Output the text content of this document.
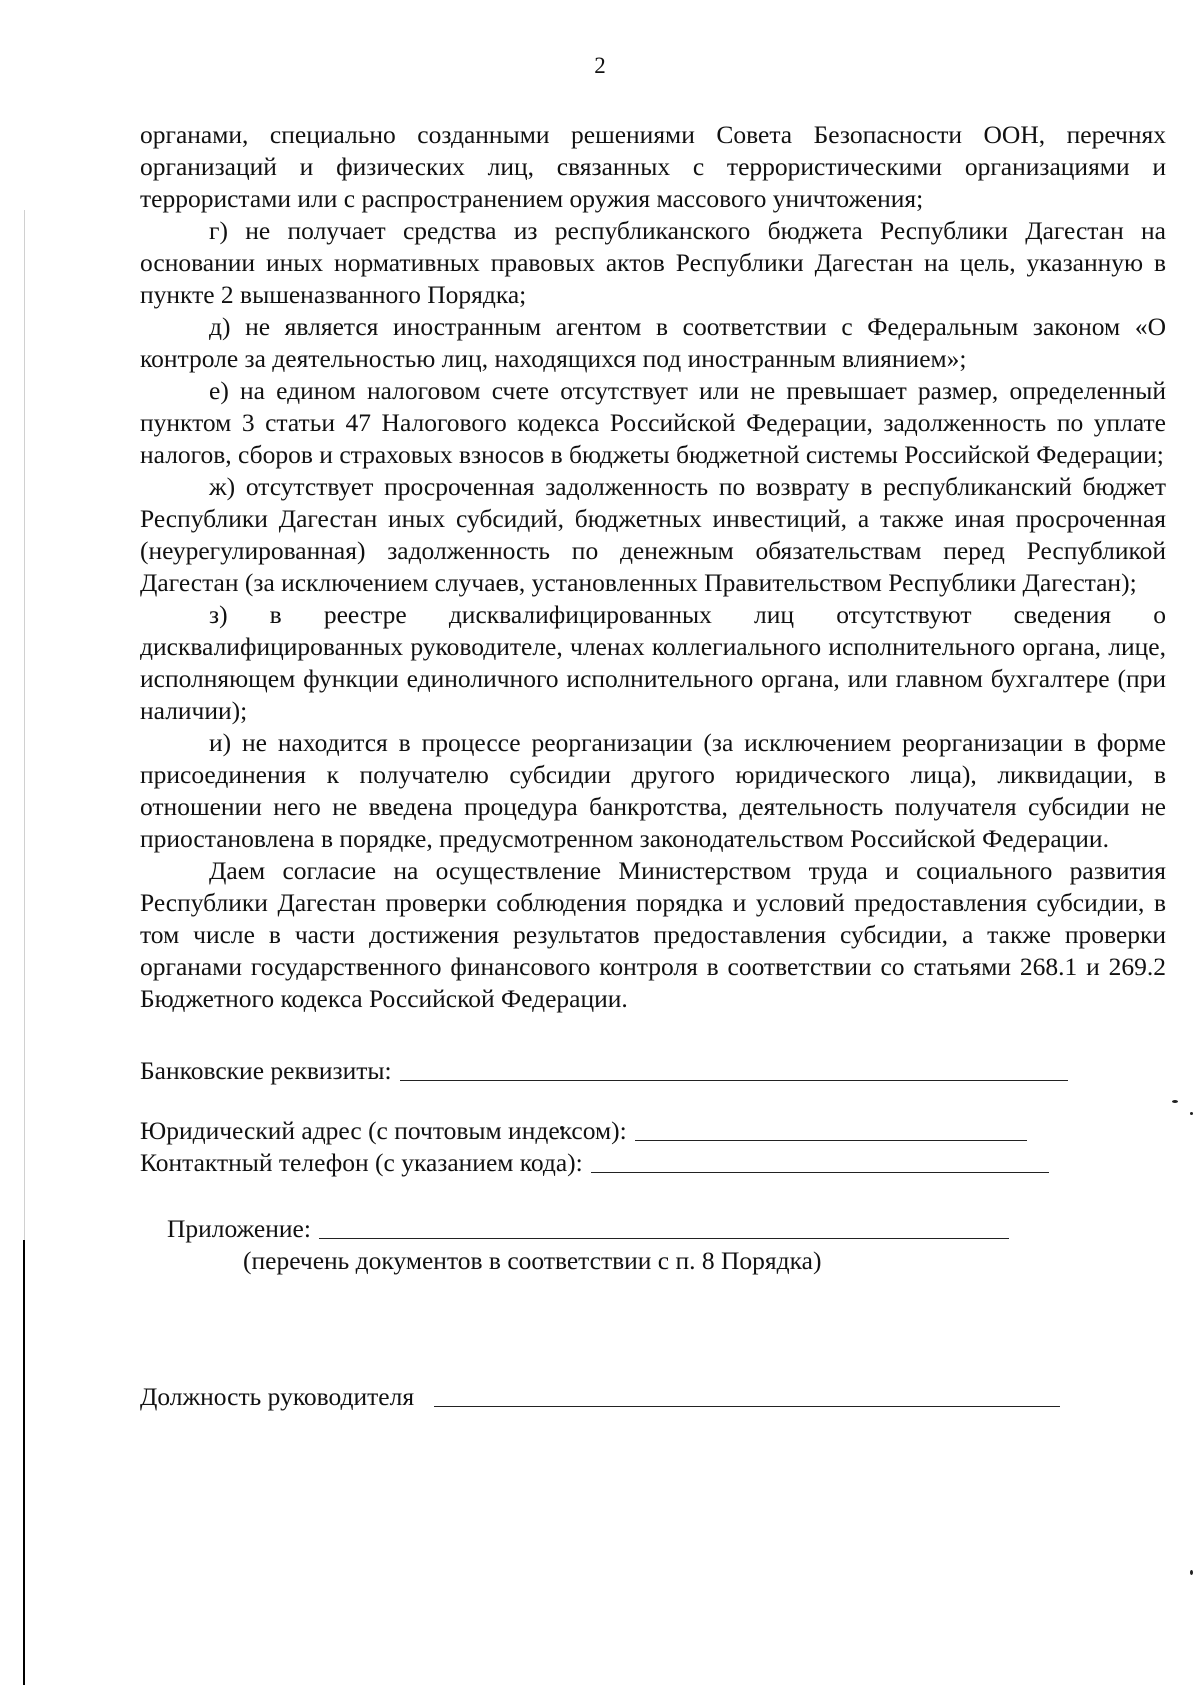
2

органами, специально созданными решениями Совета Безопасности ООН, перечнях организаций и физических лиц, связанных с террористическими организациями и террористами или с распространением оружия массового уничтожения;

г) не получает средства из республиканского бюджета Республики Дагестан на основании иных нормативных правовых актов Республики Дагестан на цель, указанную в пункте 2 вышеназванного Порядка;

д) не является иностранным агентом в соответствии с Федеральным законом «О контроле за деятельностью лиц, находящихся под иностранным влиянием»;

е) на едином налоговом счете отсутствует или не превышает размер, определенный пунктом 3 статьи 47 Налогового кодекса Российской Федерации, задолженность по уплате налогов, сборов и страховых взносов в бюджеты бюджетной системы Российской Федерации;

ж) отсутствует просроченная задолженность по возврату в республиканский бюджет Республики Дагестан иных субсидий, бюджетных инвестиций, а также иная просроченная (неурегулированная) задолженность по денежным обязательствам перед Республикой Дагестан (за исключением случаев, установленных Правительством Республики Дагестан);

з) в реестре дисквалифицированных лиц отсутствуют сведения о дисквалифицированных руководителе, членах коллегиального исполнительного органа, лице, исполняющем функции единоличного исполнительного органа, или главном бухгалтере (при наличии);

и) не находится в процессе реорганизации (за исключением реорганизации в форме присоединения к получателю субсидии другого юридического лица), ликвидации, в отношении него не введена процедура банкротства, деятельность получателя субсидии не приостановлена в порядке, предусмотренном законодательством Российской Федерации.

Даем согласие на осуществление Министерством труда и социального развития Республики Дагестан проверки соблюдения порядка и условий предоставления субсидии, в том числе в части достижения результатов предоставления субсидии, а также проверки органами государственного финансового контроля в соответствии со статьями 268.1 и 269.2 Бюджетного кодекса Российской Федерации.

Банковские реквизиты:
Юридический адрес (с почтовым индексом):
Контактный телефон (с указанием кода):
Приложение:
(перечень документов в соответствии с п. 8 Порядка)
Должность руководителя
